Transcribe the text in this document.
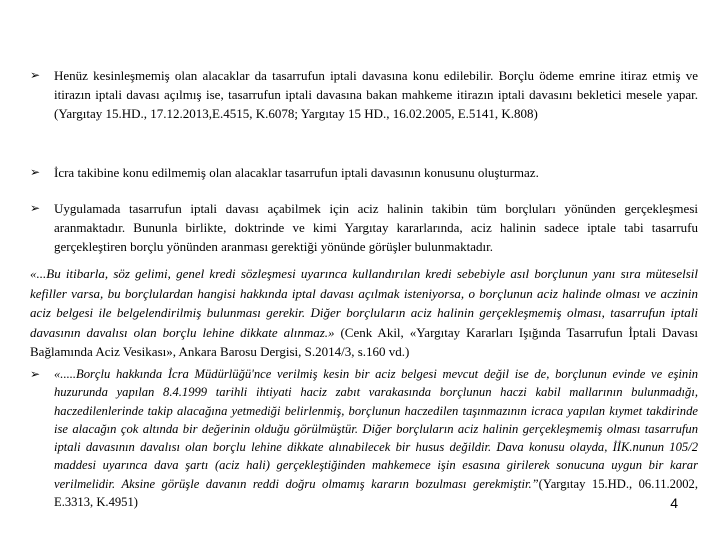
➢	Henüz kesinleşmemiş olan alacaklar da tasarrufun iptali davasına konu edilebilir. Borçlu ödeme emrine itiraz etmiş ve itirazın iptali davası açılmış ise, tasarrufun iptali davasına bakan mahkeme itirazın iptali davasını bekletici mesele yapar. (Yargıtay 15.HD., 17.12.2013,E.4515, K.6078; Yargıtay 15 HD., 16.02.2005, E.5141, K.808)
➢	İcra takibine konu edilmemiş olan alacaklar tasarrufun iptali davasının konusunu oluşturmaz.
➢	Uygulamada tasarrufun iptali davası açabilmek için aciz halinin takibin tüm borçluları yönünden gerçekleşmesi aranmaktadır. Bununla birlikte, doktrinde ve kimi Yargıtay kararlarında, aciz halinin sadece iptale tabi tasarrufu gerçekleştiren borçlu yönünden aranması gerektiği yönünde görüşler bulunmaktadır.
«...Bu itibarla, söz gelimi, genel kredi sözleşmesi uyarınca kullandırılan kredi sebebiyle asıl borçlunun yanı sıra müteselsil kefiller varsa, bu borçlulardan hangisi hakkında iptal davası açılmak isteniyorsa, o borçlunun aciz halinde olması ve aczinin aciz belgesi ile belgelendirilmiş bulunması gerekir. Diğer borçluların aciz halinin gerçekleşmemiş olması, tasarrufun iptali davasının davalısı olan borçlu lehine dikkate alınmaz.» (Cenk Akil, «Yargıtay Kararları Işığında Tasarrufun İptali Davası Bağlamında Aciz Vesikası», Ankara Barosu Dergisi, S.2014/3, s.160 vd.)
➢	«.....Borçlu hakkında İcra Müdürlüğü'nce verilmiş kesin bir aciz belgesi mevcut değil ise de, borçlunun evinde ve eşinin huzurunda yapılan 8.4.1999 tarihli ihtiyati haciz zabıt varakasında borçlunun haczi kabil mallarının bulunmadığı, haczedilenlerinde takip alacağına yetmediği belirlenmiş, borçlunun haczedilen taşınmazının icraca yapılan kıymet takdirinde ise alacağın çok altında bir değerinin olduğu görülmüştür. Diğer borçluların aciz halinin gerçekleşmemiş olması tasarrufun iptali davasının davalısı olan borçlu lehine dikkate alınabilecek bir husus değildir. Dava konusu olayda, İİK.nunun 105/2 maddesi uyarınca dava şartı (aciz hali) gerçekleştiğinden mahkemece işin esasına girilerek sonucuna uygun bir karar verilmelidir. Aksine görüşle davanın reddi doğru olmamış kararın bozulması gerekmiştir.”(Yargıtay 15.HD., 06.11.2002, E.3313, K.4951)	4
